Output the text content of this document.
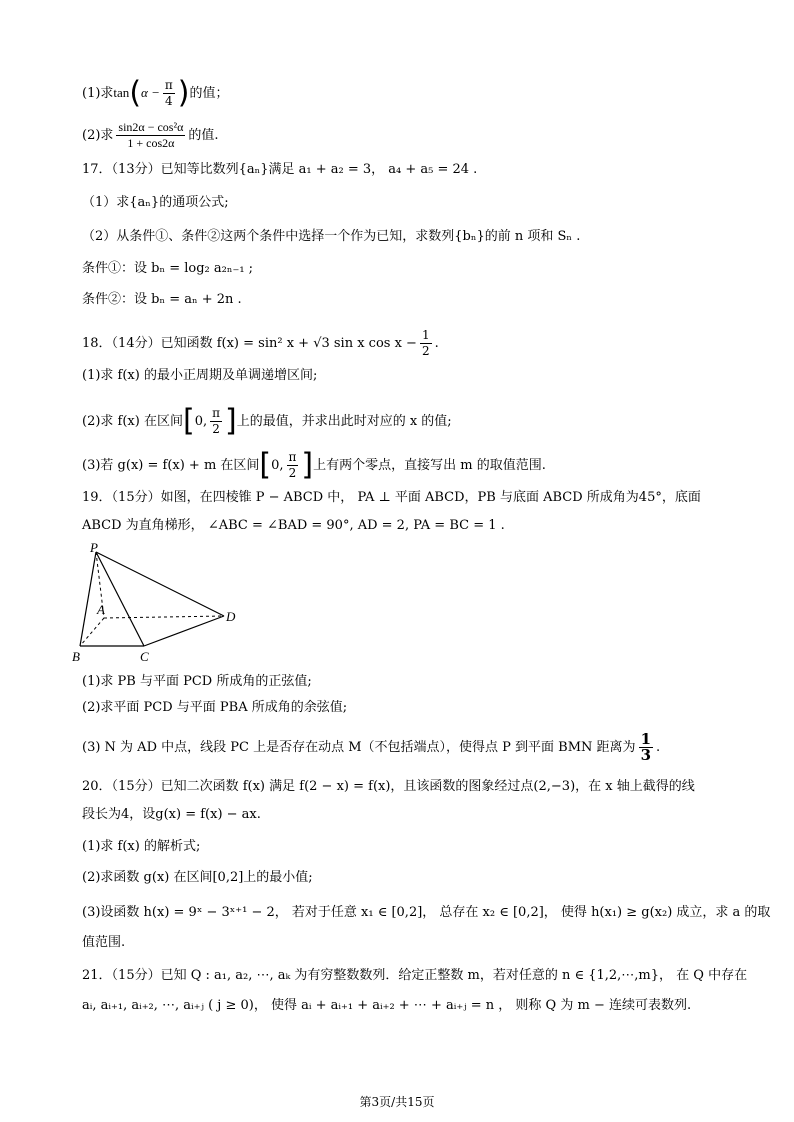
(1)求$\tan(\alpha - \frac{\pi}{4}$ )的值；
(2)求 $\frac{\text{sin2α − cos²α}}{1 + \cos 2\alpha}$ 的值.
17．（13分）已知等比数列{aₙ}满足 a₁ + a₂ = 3， a₄ + a₅ = 24 .
（1）求{aₙ}的通项公式;
（2）从条件①、条件②这两个条件中选择一个作为已知，求数列{bₙ}的前 n 项和 Sₙ .
条件①：设 bₙ = log₂ a₂ₙ₋₁ ;
条件②：设 bₙ = aₙ + 2n .
18．（14分）已知函数 f(x) = sin² x + √3 sin x $\cos x - \frac{1}{2}$ .
(1)求 f(x) 的最小正周期及单调递增区间;
(2)求 f(x) 在区间[0, $\frac{\pi}{2}$ ]上的最值，并求出此时对应的 x 的值;
(3)若 g(x) = f(x) + m 在区间[0, $\frac{\pi}{2}$ ]上有两个零点，直接写出 m 的取值范围.
19．（15分）如图，在四棱锥 P − ABCD 中， PA ⊥ 平面 ABCD，PB 与底面 ABCD 所成角为45°，底面
ABCD 为直角梯形， ∠ABC = ∠BAD = 90°, AD = 2, PA = BC = 1 .
P
A
B	C
D
(1)求 PB 与平面 PCD 所成角的正弦值;
(2)求平面 PCD 与平面 PBA 所成角的余弦值;
(3) N 为 AD 中点，线段 PC 上是否存在动点 M（不包括端点），使得点 P 到平面 BMN 距离为 $\frac{1}{3}$ .
20．（15分）已知二次函数 f(x) 满足 f(2 − x) = f(x)，且该函数的图象经过点(2,−3)，在 x 轴上截得的线
段长为4，设g(x) = f(x) − ax.
(1)求 f(x) 的解析式;
(2)求函数 g(x) 在区间[0,2]上的最小值;
(3)设函数 h(x) = 9ˣ − 3ˣ⁺¹ − 2， 若对于任意 x₁ ∈ [0,2]， 总存在 x₂ ∈ [0,2]， 使得 h(x₁) ≥ g(x₂) 成立，求 a 的取
值范围.
21．（15分）已知 Q : a₁, a₂, ⋯, aₖ 为有穷整数数列．给定正整数 m，若对任意的 n ∈ {1,2,⋯,m}， 在 Q 中存在
aᵢ, aᵢ₊₁, aᵢ₊₂, ⋯, aᵢ₊ⱼ ( j ≥ 0)， 使得 aᵢ + aᵢ₊₁ + aᵢ₊₂ + ⋯ + aᵢ₊ⱼ = n ， 则称 Q 为 m − 连续可表数列.
第3页/共15页
